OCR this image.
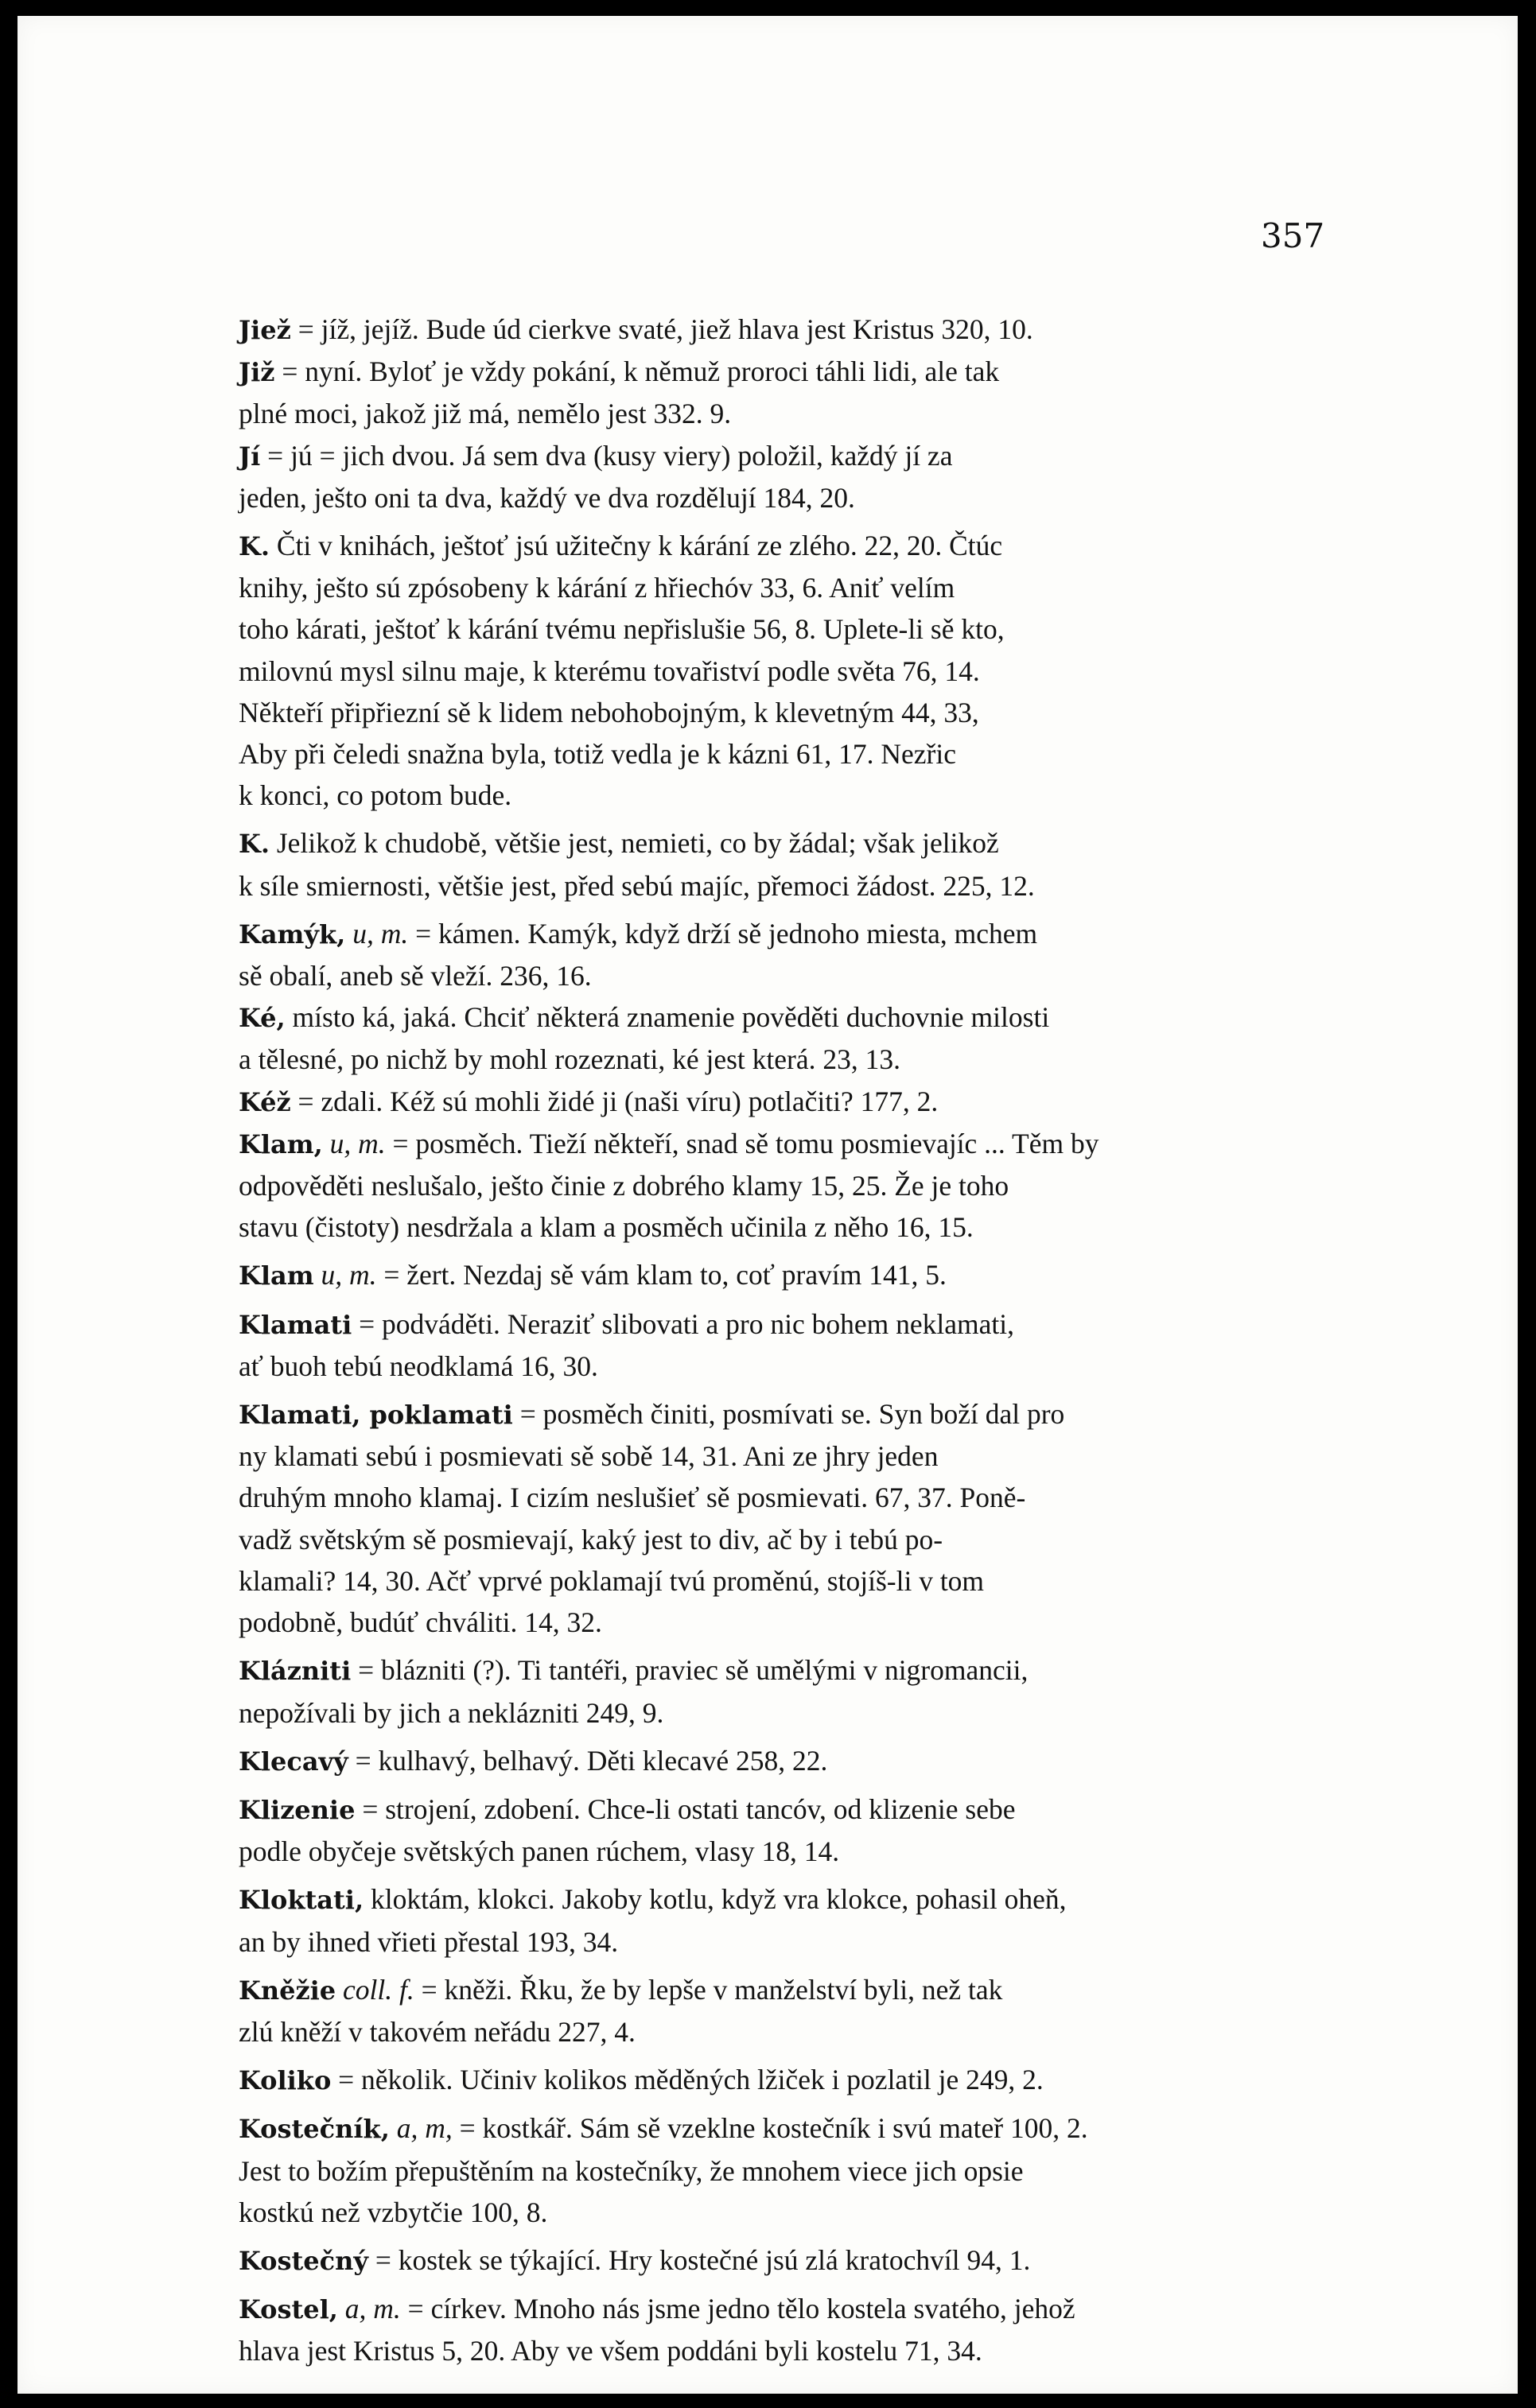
357

Jiež = jíž, jejíž. Bude úd cierkve svaté, jiež hlava jest Kristus 320, 10.

Již = nyní. Byloť je vždy pokání, k němuž proroci táhli lidi, ale tak
plné moci, jakož již má, nemělo jest 332. 9.

Jí = jú = jich dvou. Já sem dva (kusy viery) položil, každý jí za
jeden, ješto oni ta dva, každý ve dva rozdělují 184, 20.

K. Čti v knihách, ještoť jsú užitečny k kárání ze zlého. 22, 20. Čtúc
knihy, ješto sú zpósobeny k kárání z hřiechóv 33, 6. Aniť velím
toho kárati, ještoť k kárání tvému nepřislušie 56, 8. Uplete-li sě kto,
milovnú mysl silnu maje, k kterému tovařiství podle světa 76, 14.
Někteří připřiezní sě k lidem nebohobojným, k klevetným 44, 33,
Aby při čeledi snažna byla, totiž vedla je k kázni 61, 17. Nezřic
k konci, co potom bude.

K. Jelikož k chudobě, většie jest, nemieti, co by žádal; však jelikož
k síle smiernosti, většie jest, před sebú majíc, přemoci žádost. 225, 12.

Kamýk, u, m. = kámen. Kamýk, když drží sě jednoho miesta, mchem
sě obalí, aneb sě vleží. 236, 16.

Ké, místo ká, jaká. Chciť některá znamenie pověděti duchovnie milosti
a tělesné, po nichž by mohl rozeznati, ké jest která. 23, 13.

Kéž = zdali. Kéž sú mohli židé ji (naši víru) potlačiti? 177, 2.

Klam, u, m. = posměch. Tieží někteří, snad sě tomu posmievajíc ... Těm by
odpověděti neslušalo, ješto činie z dobrého klamy 15, 25. Že je toho
stavu (čistoty) nesdržala a klam a posměch učinila z něho 16, 15.

Klam u, m. = žert. Nezdaj sě vám klam to, coť pravím 141, 5.

Klamati = podváděti. Neraziť slibovati a pro nic bohem neklamati,
ať buoh tebú neodklamá 16, 30.

Klamati, poklamati = posměch činiti, posmívati se. Syn boží dal pro
ny klamati sebú i posmievati sě sobě 14, 31. Ani ze jhry jeden
druhým mnoho klamaj. I cizím neslušieť sě posmievati. 67, 37. Poně-
vadž světským sě posmievají, kaký jest to div, ač by i tebú po-
klamali? 14, 30. Ačť vprvé poklamají tvú proměnú, stojíš-li v tom
podobně, budúť chváliti. 14, 32.

Klázniti = blázniti (?). Ti tantéři, praviec sě umělými v nigromancii,
nepožívali by jich a neklázniti 249, 9.

Klecavý = kulhavý, belhavý. Děti klecavé 258, 22.

Klizenie = strojení, zdobení. Chce-li ostati tancóv, od klizenie sebe
podle obyčeje světských panen rúchem, vlasy 18, 14.

Kloktati, kloktám, klokci. Jakoby kotlu, když vra klokce, pohasil oheň,
an by ihned vřieti přestal 193, 34.

Kněžie coll. f. = kněži. Řku, že by lepše v manželství byli, než tak
zlú kněží v takovém neřádu 227, 4.

Koliko = několik. Učiniv kolikos měděných lžiček i pozlatil je 249, 2.

Kostečník, a, m, = kostkář. Sám sě vzeklne kostečník i svú mateř 100, 2.
Jest to božím přepuštěním na kostečníky, že mnohem viece jich opsie
kostkú než vzbytčie 100, 8.

Kostečný = kostek se týkající. Hry kostečné jsú zlá kratochvíl 94, 1.

Kostel, a, m. = církev. Mnoho nás jsme jedno tělo kostela svatého, jehož
hlava jest Kristus 5, 20. Aby ve všem poddáni byli kostelu 71, 34.
